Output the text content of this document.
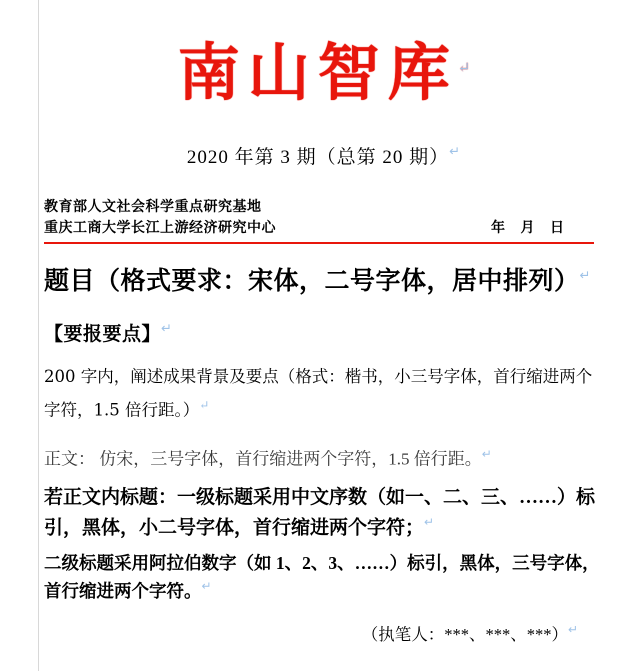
南山智库↵
2020 年第 3 期（总第 20 期）↵
教育部人文社会科学重点研究基地
重庆工商大学长江上游经济研究中心	年 月 日
题目（格式要求：宋体，二号字体，居中排列）↵
【要报要点】↵
200 字内，阐述成果背景及要点（格式：楷书，小三号字体，首行缩进两个字符，1.5 倍行距。）↵
正文： 仿宋，三号字体，首行缩进两个字符，1.5 倍行距。↵
若正文内标题：一级标题采用中文序数（如一、二、三、……）标引，黑体，小二号字体，首行缩进两个字符；↵
二级标题采用阿拉伯数字（如 1、2、3、……）标引，黑体，三号字体，首行缩进两个字符。↵
（执笔人：***、***、***）↵
